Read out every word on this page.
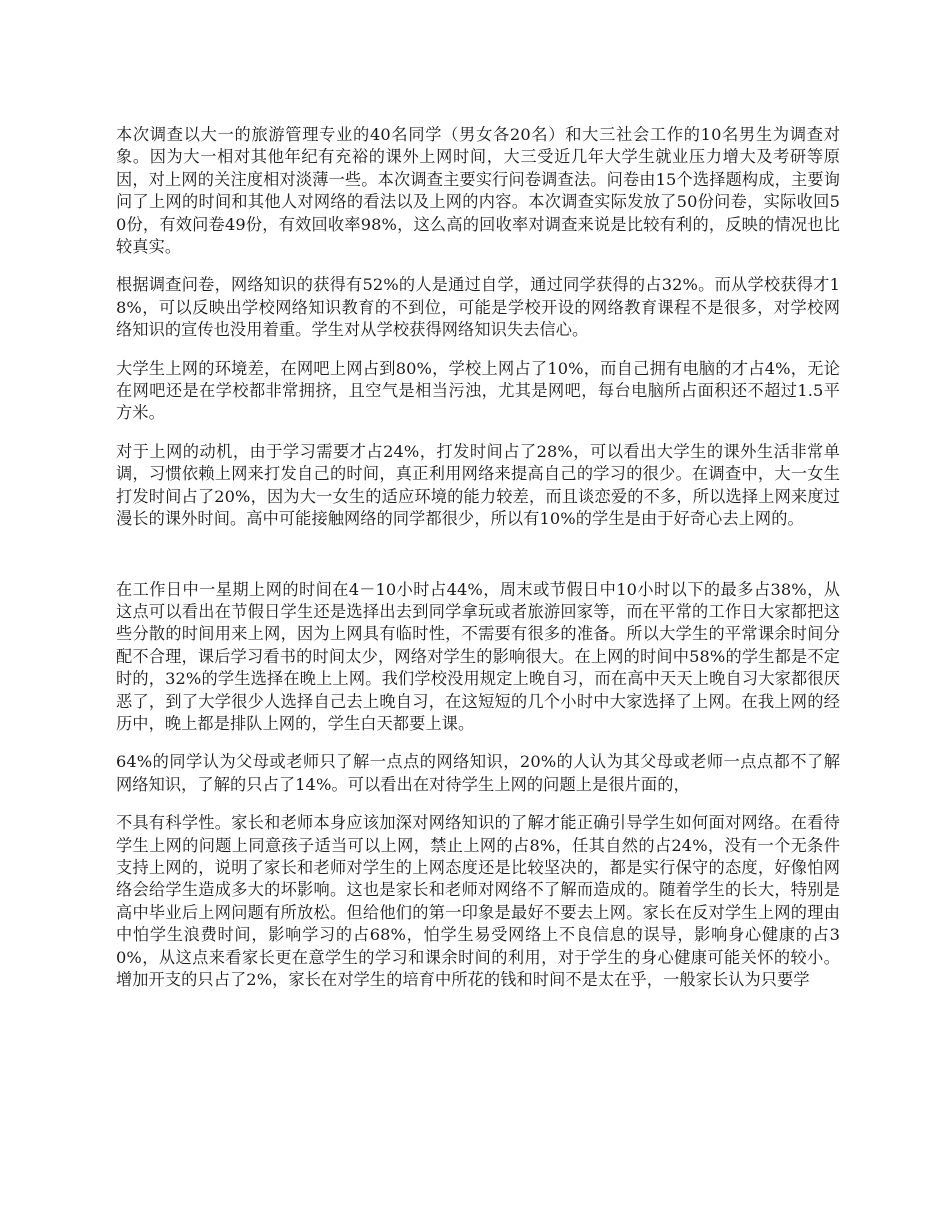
本次调查以大一的旅游管理专业的40名同学（男女各20名）和大三社会工作的10名男生为调查对象。因为大一相对其他年纪有充裕的课外上网时间，大三受近几年大学生就业压力增大及考研等原因，对上网的关注度相对淡薄一些。本次调查主要实行问卷调查法。问卷由15个选择题构成，主要询问了上网的时间和其他人对网络的看法以及上网的内容。本次调查实际发放了50份问卷，实际收回50份，有效问卷49份，有效回收率98%，这么高的回收率对调查来说是比较有利的，反映的情况也比较真实。

根据调查问卷，网络知识的获得有52%的人是通过自学，通过同学获得的占32%。而从学校获得才18%，可以反映出学校网络知识教育的不到位，可能是学校开设的网络教育课程不是很多，对学校网络知识的宣传也没用着重。学生对从学校获得网络知识失去信心。

大学生上网的环境差，在网吧上网占到80%，学校上网占了10%，而自己拥有电脑的才占4%，无论在网吧还是在学校都非常拥挤，且空气是相当污浊，尤其是网吧，每台电脑所占面积还不超过1.5平方米。

对于上网的动机，由于学习需要才占24%，打发时间占了28%，可以看出大学生的课外生活非常单调，习惯依赖上网来打发自己的时间，真正利用网络来提高自己的学习的很少。在调查中，大一女生打发时间占了20%，因为大一女生的适应环境的能力较差，而且谈恋爱的不多，所以选择上网来度过漫长的课外时间。高中可能接触网络的同学都很少，所以有10%的学生是由于好奇心去上网的。

在工作日中一星期上网的时间在4－10小时占44%，周末或节假日中10小时以下的最多占38%，从这点可以看出在节假日学生还是选择出去到同学拿玩或者旅游回家等，而在平常的工作日大家都把这些分散的时间用来上网，因为上网具有临时性，不需要有很多的准备。所以大学生的平常课余时间分配不合理，课后学习看书的时间太少，网络对学生的影响很大。在上网的时间中58%的学生都是不定时的，32%的学生选择在晚上上网。我们学校没用规定上晚自习，而在高中天天上晚自习大家都很厌恶了，到了大学很少人选择自己去上晚自习，在这短短的几个小时中大家选择了上网。在我上网的经历中，晚上都是排队上网的，学生白天都要上课。

64%的同学认为父母或老师只了解一点点的网络知识，20%的人认为其父母或老师一点点都不了解网络知识，了解的只占了14%。可以看出在对待学生上网的问题上是很片面的，

不具有科学性。家长和老师本身应该加深对网络知识的了解才能正确引导学生如何面对网络。在看待学生上网的问题上同意孩子适当可以上网，禁止上网的占8%，任其自然的占24%，没有一个无条件支持上网的，说明了家长和老师对学生的上网态度还是比较坚决的，都是实行保守的态度，好像怕网络会给学生造成多大的坏影响。这也是家长和老师对网络不了解而造成的。随着学生的长大，特别是高中毕业后上网问题有所放松。但给他们的第一印象是最好不要去上网。家长在反对学生上网的理由中怕学生浪费时间，影响学习的占68%，怕学生易受网络上不良信息的误导，影响身心健康的占30%，从这点来看家长更在意学生的学习和课余时间的利用，对于学生的身心健康可能关怀的较小。增加开支的只占了2%，家长在对学生的培育中所花的钱和时间不是太在乎，一般家长认为只要学
